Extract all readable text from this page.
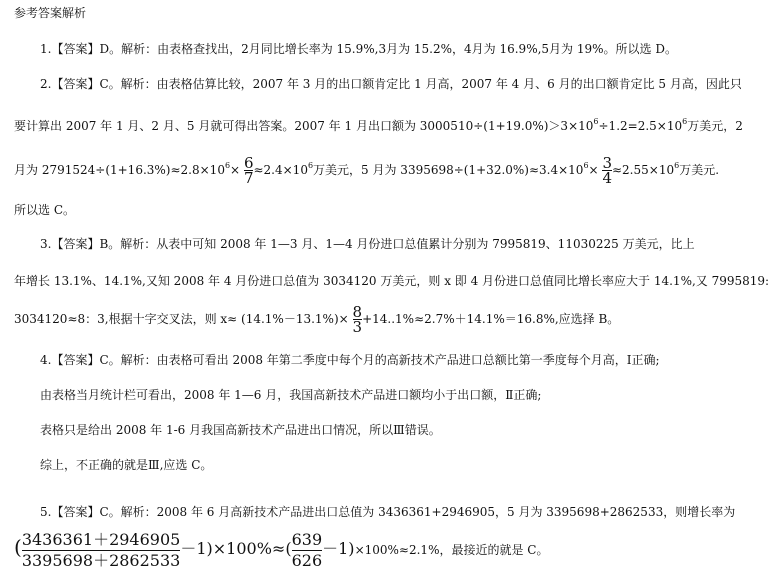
参考答案解析
1.【答案】D。解析：由表格查找出，2月同比增长率为 15.9%,3月为 15.2%，4月为 16.9%,5月为 19%。所以选 D。
2.【答案】C。解析：由表格估算比较，2007 年 3 月的出口额肯定比 1 月高，2007 年 4 月、6 月的出口额肯定比 5 月高，因此只
要计算出 2007 年 1 月、2 月、5 月就可得出答案。2007 年 1 月出口额为 $3000510\div(1+19.0\%)>3\times 10^6\div 1.2=2.5\times 10^6$万美元，2
月为 $2791524\div(1+16.3\%)\approx 2.8\times 10^6\times \frac{6}{7} \approx 2.4\times 10^6$万美元，5 月为 $3395698\div(1+32.0\%)\approx 3.4\times 10^6\times \frac{3}{4} \approx 2.55\times 10^6$万美元.
所以选 C。
3.【答案】B。解析：从表中可知 2008 年 1—3 月、1—4 月份进口总值累计分别为 7995819、11030225 万美元，比上
年增长 13.1%、14.1%,又知 2008 年 4 月份进口总值为 3034120 万美元，则 x 即 4 月份进口总值同比增长率应大于 14.1%,又 7995819:
3034120≈8：3,根据十字交叉法，则 $x\approx (14.1\%-13.1\%)\times \frac{8}{3} +14..1\%\approx 2.7\%+14.1\%=16.8\%$,应选择 B。
4.【答案】C。解析：由表格可看出 2008 年第二季度中每个月的高新技术产品进口总额比第一季度每个月高，Ⅰ正确;
由表格当月统计栏可看出，2008 年 1—6 月，我国高新技术产品进口额均小于出口额，Ⅱ正确;
表格只是给出 2008 年 1-6 月我国高新技术产品进出口情况，所以Ⅲ错误。
综上，不正确的就是Ⅲ,应选 C。
5.【答案】C。解析：2008 年 6 月高新技术产品进出口总值为 3436361+2946905，5 月为 3395698+2862533，则增长率为
( $\frac{3436361+2946905}{3395698+2862533} -1)\times 100\%\approx( \frac{639}{626} -1)\times 100\%\approx 2.1\%$，最接近的就是 C。
